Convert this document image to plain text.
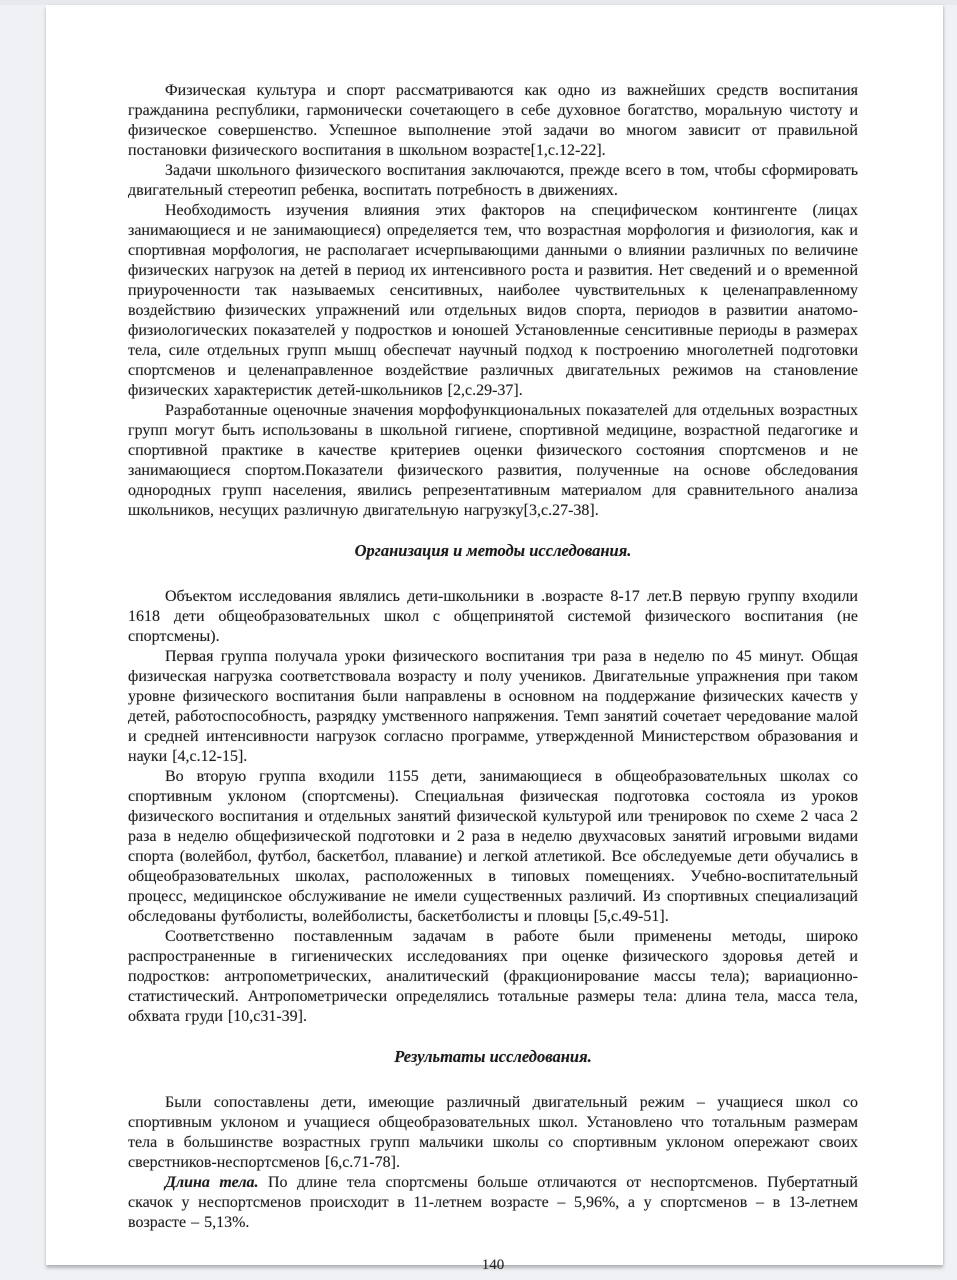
Физическая культура и спорт рассматриваются как одно из важнейших средств воспитания гражданина республики, гармонически сочетающего в себе духовное богатство, моральную чистоту и физическое совершенство. Успешное выполнение этой задачи во многом зависит от правильной постановки физического воспитания в школьном возрасте[1,с.12-22].

Задачи школьного физического воспитания заключаются, прежде всего в том, чтобы сформировать двигательный стереотип ребенка, воспитать потребность в движениях.

Необходимость изучения влияния этих факторов на специфическом контингенте (лицах занимающиеся и не занимающиеся) определяется тем, что возрастная морфология и физиология, как и спортивная морфология, не располагает исчерпывающими данными о влиянии различных по величине физических нагрузок на детей в период их интенсивного роста и развития. Нет сведений и о временной приуроченности так называемых сенситивных, наиболее чувствительных к целенаправленному воздействию физических упражнений или отдельных видов спорта, периодов в развитии анатомо-физиологических показателей у подростков и юношей Установленные сенситивные периоды в размерах тела, силе отдельных групп мышц обеспечат научный подход к построению многолетней подготовки спортсменов и целенаправленное воздействие различных двигательных режимов на становление физических характеристик детей-школьников [2,с.29-37].

Разработанные оценочные значения морфофункциональных показателей для отдельных возрастных групп могут быть использованы в школьной гигиене, спортивной медицине, возрастной педагогике и спортивной практике в качестве критериев оценки физического состояния спортсменов и не занимающиеся спортом.Показатели физического развития, полученные на основе обследования однородных групп населения, явились репрезентативным материалом для сравнительного анализа школьников, несущих различную двигательную нагрузку[3,с.27-38].

Организация и методы исследования.

Объектом исследования являлись дети-школьники в .возрасте 8-17 лет.В первую группу входили 1618 дети общеобразовательных школ с общепринятой системой физического воспитания (не спортсмены).

Первая группа получала уроки физического воспитания три раза в неделю по 45 минут. Общая физическая нагрузка соответствовала возрасту и полу учеников. Двигательные упражнения при таком уровне физического воспитания были направлены в основном на поддержание физических качеств у детей, работоспособность, разрядку умственного напряжения. Темп занятий сочетает чередование малой и средней интенсивности нагрузок согласно программе, утвержденной Министерством образования и науки [4,с.12-15].

Во вторую группа входили 1155 дети, занимающиеся в общеобразовательных школах со спортивным уклоном (спортсмены). Специальная физическая подготовка состояла из уроков физического воспитания и отдельных занятий физической культурой или тренировок по схеме 2 часа 2 раза в неделю общефизической подготовки и 2 раза в неделю двухчасовых занятий игровыми видами спорта (волейбол, футбол, баскетбол, плавание) и легкой атлетикой. Все обследуемые дети обучались в общеобразовательных школах, расположенных в типовых помещениях. Учебно-воспитательный процесс, медицинское обслуживание не имели существенных различий. Из спортивных специализаций обследованы футболисты, волейболисты, баскетболисты и пловцы [5,с.49-51].

Соответственно поставленным задачам в работе были применены методы, широко распространенные в гигиенических исследованиях при оценке физического здоровья детей и подростков: антропометрических, аналитический (фракционирование массы тела); вариационно-статистический. Антропометрически определялись тотальные размеры тела: длина тела, масса тела, обхвата груди [10,с31-39].

Результаты исследования.

Были сопоставлены дети, имеющие различный двигательный режим – учащиеся школ со спортивным уклоном и учащиеся общеобразовательных школ. Установлено что тотальным размерам тела в большинстве возрастных групп мальчики школы со спортивным уклоном опережают своих сверстников-неспортсменов [6,с.71-78].

Длина тела. По длине тела спортсмены больше отличаются от неспортсменов. Пубертатный скачок у неспортсменов происходит в 11-летнем возрасте – 5,96%, а у спортсменов – в 13-летнем возрасте – 5,13%.

140
